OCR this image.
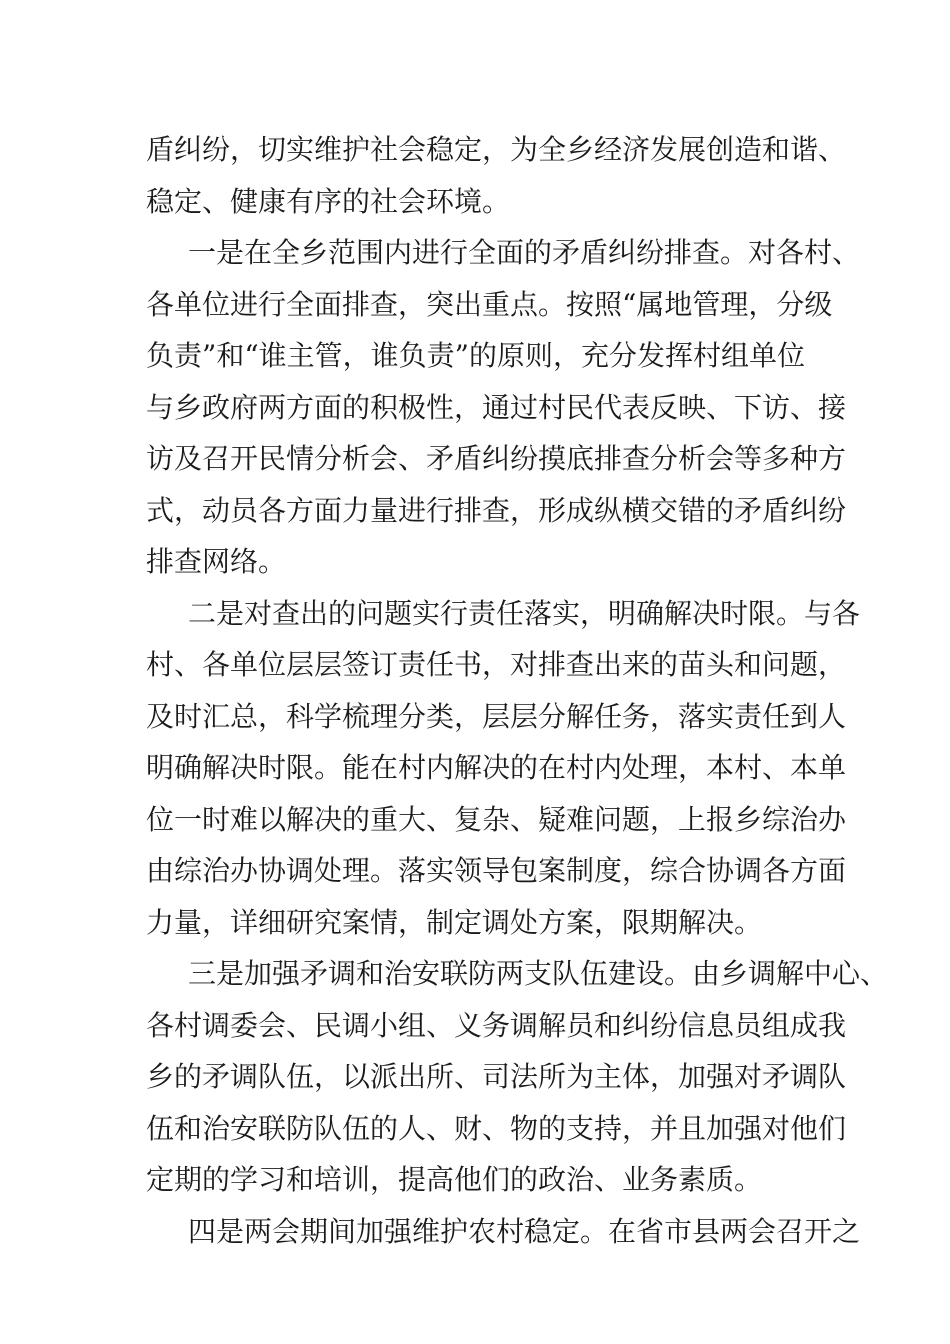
盾纠纷，切实维护社会稳定，为全乡经济发展创造和谐、
稳定、健康有序的社会环境。
一是在全乡范围内进行全面的矛盾纠纷排查。对各村、
各单位进行全面排查，突出重点。按照“属地管理，分级
负责”和“谁主管，谁负责”的原则，充分发挥村组单位
与乡政府两方面的积极性，通过村民代表反映、下访、接
访及召开民情分析会、矛盾纠纷摸底排查分析会等多种方
式，动员各方面力量进行排查，形成纵横交错的矛盾纠纷
排查网络。
二是对查出的问题实行责任落实，明确解决时限。与各
村、各单位层层签订责任书，对排查出来的苗头和问题，
及时汇总，科学梳理分类，层层分解任务，落实责任到人
明确解决时限。能在村内解决的在村内处理，本村、本单
位一时难以解决的重大、复杂、疑难问题，上报乡综治办
由综治办协调处理。落实领导包案制度，综合协调各方面
力量，详细研究案情，制定调处方案，限期解决。
三是加强矛调和治安联防两支队伍建设。由乡调解中心、
各村调委会、民调小组、义务调解员和纠纷信息员组成我
乡的矛调队伍，以派出所、司法所为主体，加强对矛调队
伍和治安联防队伍的人、财、物的支持，并且加强对他们
定期的学习和培训，提高他们的政治、业务素质。
四是两会期间加强维护农村稳定。在省市县两会召开之
